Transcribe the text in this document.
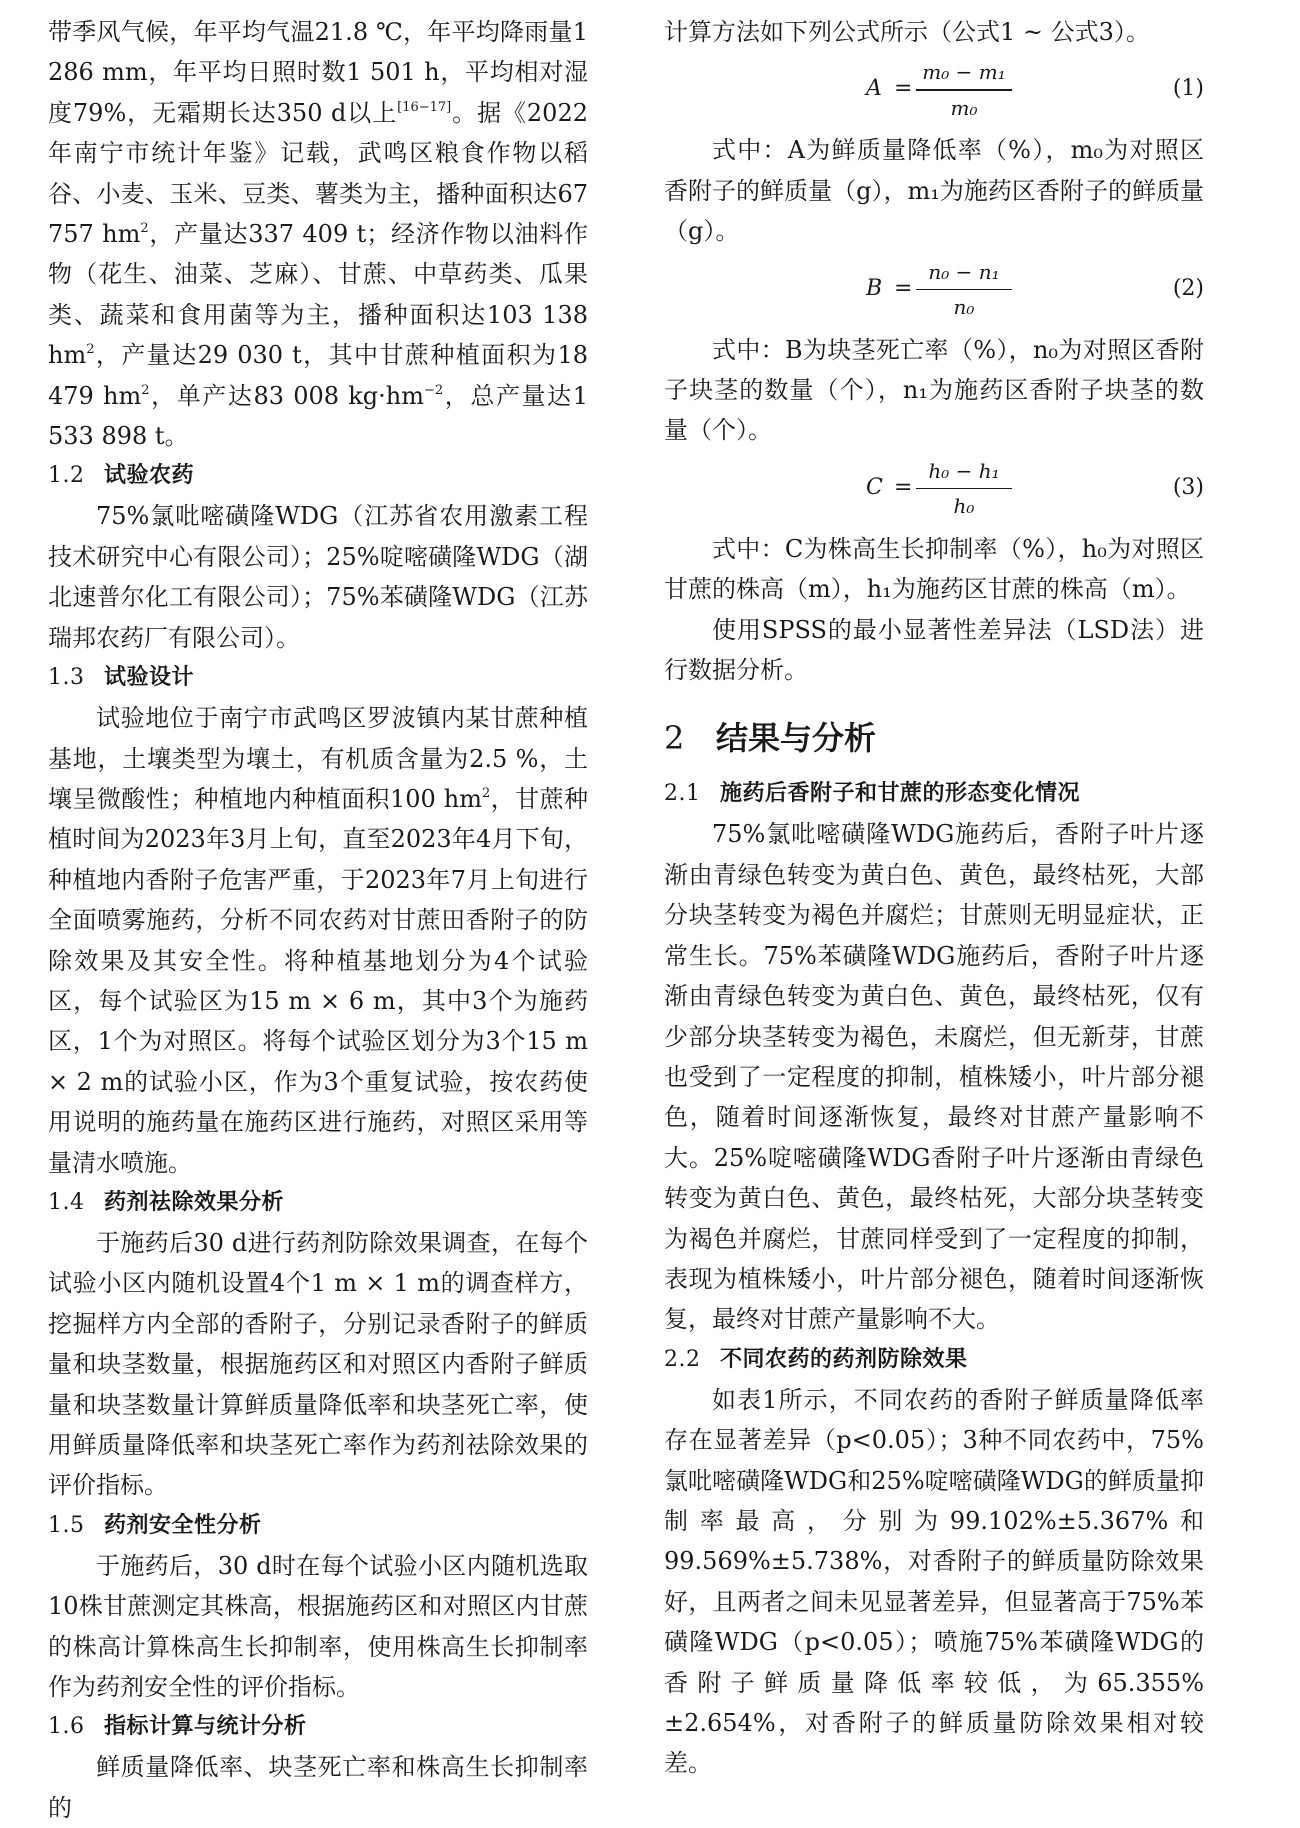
带季风气候，年平均气温21.8 ℃，年平均降雨量1 286 mm，年平均日照时数1 501 h，平均相对湿度79%，无霜期长达350 d以上[16−17]。据《2022年南宁市统计年鉴》记载，武鸣区粮食作物以稻谷、小麦、玉米、豆类、薯类为主，播种面积达67 757 $hm^2$，产量达337 409 t；经济作物以油料作物（花生、油菜、芝麻）、甘蔗、中草药类、瓜果类、蔬菜和食用菌等为主，播种面积达103 138 $hm^2$，产量达29 030 t，其中甘蔗种植面积为18 479 $hm^2$，单产达83 008 $kg\cdot hm^{-2}$，总产量达1 533 898 t。

1.2 试验农药

75%氯吡嘧磺隆WDG（江苏省农用激素工程技术研究中心有限公司）；25%啶嘧磺隆WDG（湖北速普尔化工有限公司）；75%苯磺隆WDG（江苏瑞邦农药厂有限公司）。

1.3 试验设计

试验地位于南宁市武鸣区罗波镇内某甘蔗种植基地，土壤类型为壤土，有机质含量为2.5 %，土壤呈微酸性；种植地内种植面积100 $hm^2$，甘蔗种植时间为2023年3月上旬，直至2023年4月下旬，种植地内香附子危害严重，于2023年7月上旬进行全面喷雾施药，分析不同农药对甘蔗田香附子的防除效果及其安全性。将种植基地划分为4个试验区，每个试验区为15 m × 6 m，其中3个为施药区，1个为对照区。将每个试验区划分为3个15 m × 2 m的试验小区，作为3个重复试验，按农药使用说明的施药量在施药区进行施药，对照区采用等量清水喷施。

1.4 药剂祛除效果分析

于施药后30 d进行药剂防除效果调查，在每个试验小区内随机设置4个1 m × 1 m的调查样方，挖掘样方内全部的香附子，分别记录香附子的鲜质量和块茎数量，根据施药区和对照区内香附子鲜质量和块茎数量计算鲜质量降低率和块茎死亡率，使用鲜质量降低率和块茎死亡率作为药剂祛除效果的评价指标。

1.5 药剂安全性分析

于施药后，30 d时在每个试验小区内随机选取10株甘蔗测定其株高，根据施药区和对照区内甘蔗的株高计算株高生长抑制率，使用株高生长抑制率作为药剂安全性的评价指标。

1.6 指标计算与统计分析

鲜质量降低率、块茎死亡率和株高生长抑制率的

计算方法如下列公式所示（公式1 ~ 公式3）。

A =
m₀ − m₁
m₀
(1)

式中：A为鲜质量降低率（%），m₀为对照区香附子的鲜质量（g），m₁为施药区香附子的鲜质量（g）。

B =
n₀ − n₁
n₀
(2)

式中：B为块茎死亡率（%），n₀为对照区香附子块茎的数量（个），n₁为施药区香附子块茎的数量（个）。

C =
h₀ − h₁
h₀
(3)

式中：C为株高生长抑制率（%），h₀为对照区甘蔗的株高（m），h₁为施药区甘蔗的株高（m）。

使用SPSS的最小显著性差异法（LSD法）进行数据分析。

2 结果与分析
2.1 施药后香附子和甘蔗的形态变化情况

75%氯吡嘧磺隆WDG施药后，香附子叶片逐渐由青绿色转变为黄白色、黄色，最终枯死，大部分块茎转变为褐色并腐烂；甘蔗则无明显症状，正常生长。75%苯磺隆WDG施药后，香附子叶片逐渐由青绿色转变为黄白色、黄色，最终枯死，仅有少部分块茎转变为褐色，未腐烂，但无新芽，甘蔗也受到了一定程度的抑制，植株矮小，叶片部分褪色，随着时间逐渐恢复，最终对甘蔗产量影响不大。25%啶嘧磺隆WDG香附子叶片逐渐由青绿色转变为黄白色、黄色，最终枯死，大部分块茎转变为褐色并腐烂，甘蔗同样受到了一定程度的抑制，表现为植株矮小，叶片部分褪色，随着时间逐渐恢复，最终对甘蔗产量影响不大。

2.2 不同农药的药剂防除效果

如表1所示，不同农药的香附子鲜质量降低率存在显著差异（p<0.05）；3种不同农药中，75%氯吡嘧磺隆WDG和25%啶嘧磺隆WDG的鲜质量抑制率最高，分别为99.102%±5.367%和99.569%±5.738%，对香附子的鲜质量防除效果好，且两者之间未见显著差异，但显著高于75%苯磺隆WDG（p<0.05）；喷施75%苯磺隆WDG的香附子鲜质量降低率较低，为65.355%±2.654%，对香附子的鲜质量防除效果相对较差。
